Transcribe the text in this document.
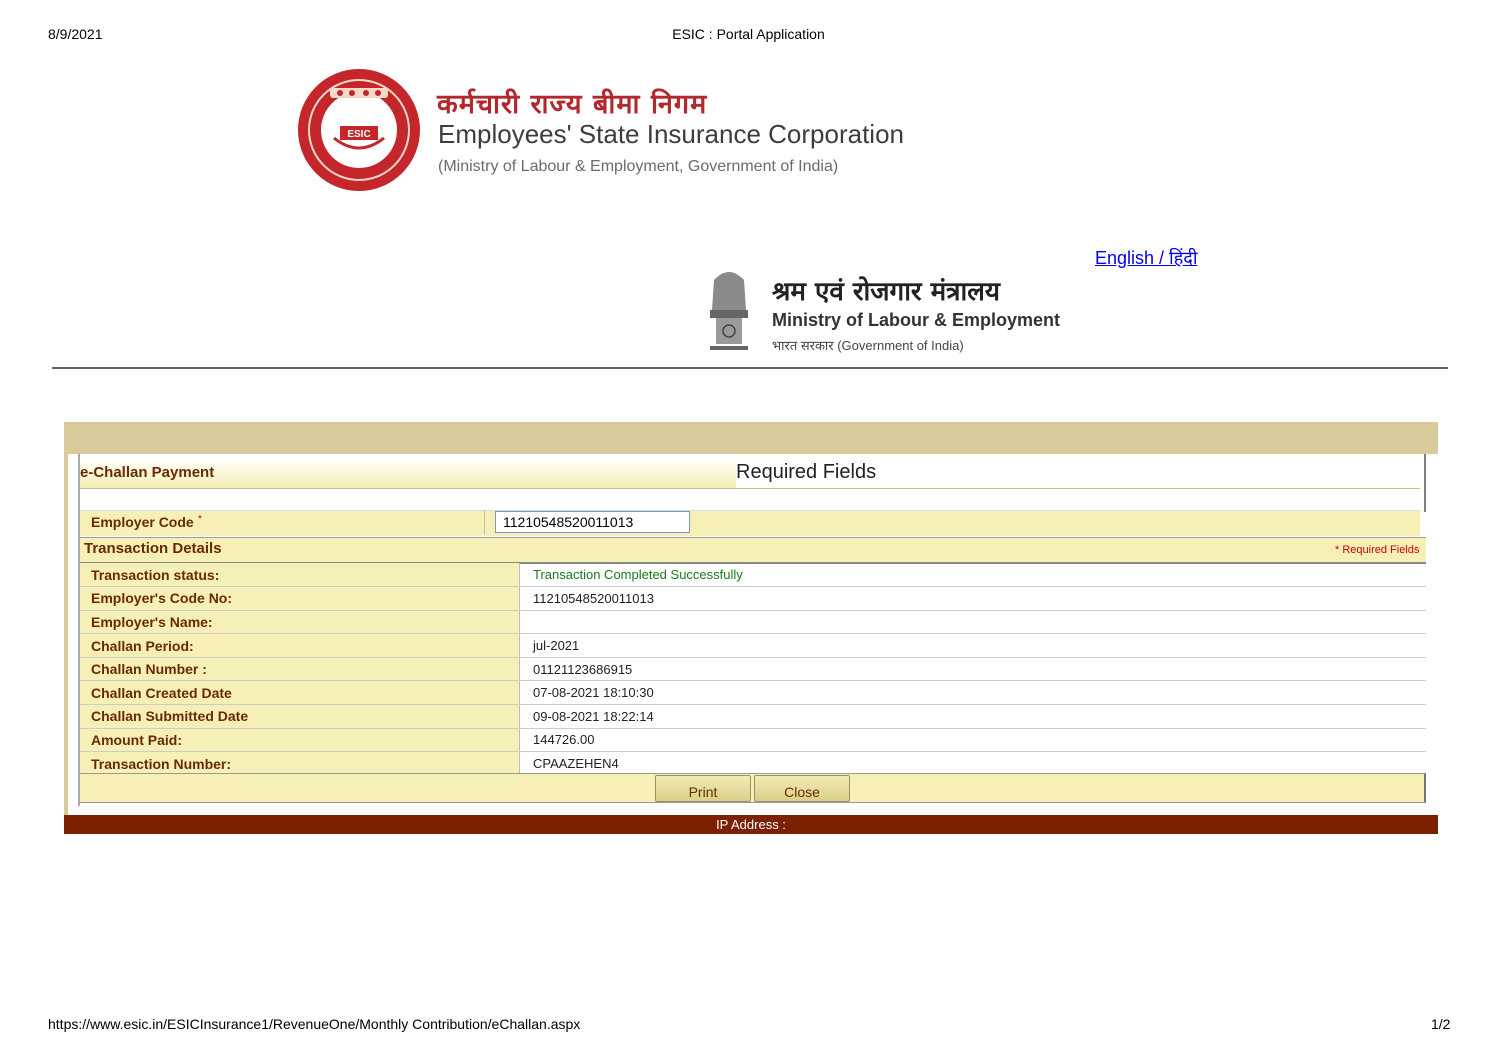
8/9/2021	ESIC : Portal Application
ESIC
कर्मचारी राज्य बीमा निगम
Employees' State Insurance Corporation
(Ministry of Labour & Employment, Government of India)
English / हिंदी
श्रम एवं रोजगार मंत्रालय
Ministry of Labour & Employment
भारत सरकार (Government of India)
e-Challan Payment	Required Fields
Employer Code *
11210548520011013
Transaction Details	* Required Fields
Transaction status:	Transaction Completed Successfully
Employer's Code No:	11210548520011013
Employer's Name:	
Challan Period:	jul-2021
Challan Number :	01121123686915
Challan Created Date	07-08-2021 18:10:30
Challan Submitted Date	09-08-2021 18:22:14
Amount Paid:	144726.00
Transaction Number:	CPAAZEHEN4
Print	Close
IP Address :
https://www.esic.in/ESICInsurance1/RevenueOne/Monthly Contribution/eChallan.aspx	1/2
